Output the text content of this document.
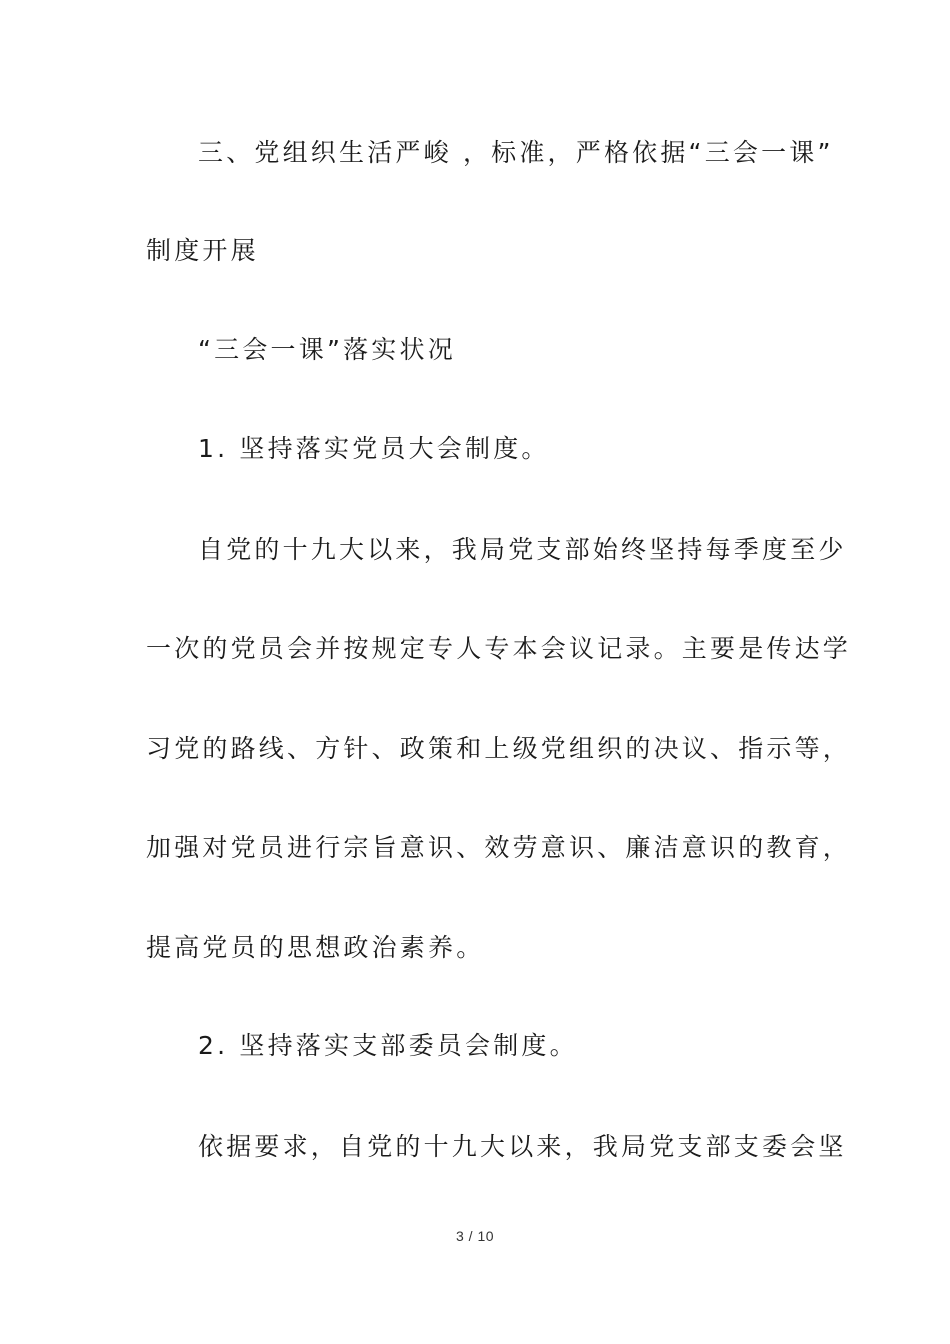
三、党组织生活严峻 ，标准，严格依据“三会一课”
制度开展
“三会一课”落实状况
1. 坚持落实党员大会制度。
自党的十九大以来，我局党支部始终坚持每季度至少
一次的党员会并按规定专人专本会议记录。主要是传达学
习党的路线、方针、政策和上级党组织的决议、指示等，
加强对党员进行宗旨意识、效劳意识、廉洁意识的教育，
提高党员的思想政治素养。
2. 坚持落实支部委员会制度。
依据要求，自党的十九大以来，我局党支部支委会坚
3 / 10
